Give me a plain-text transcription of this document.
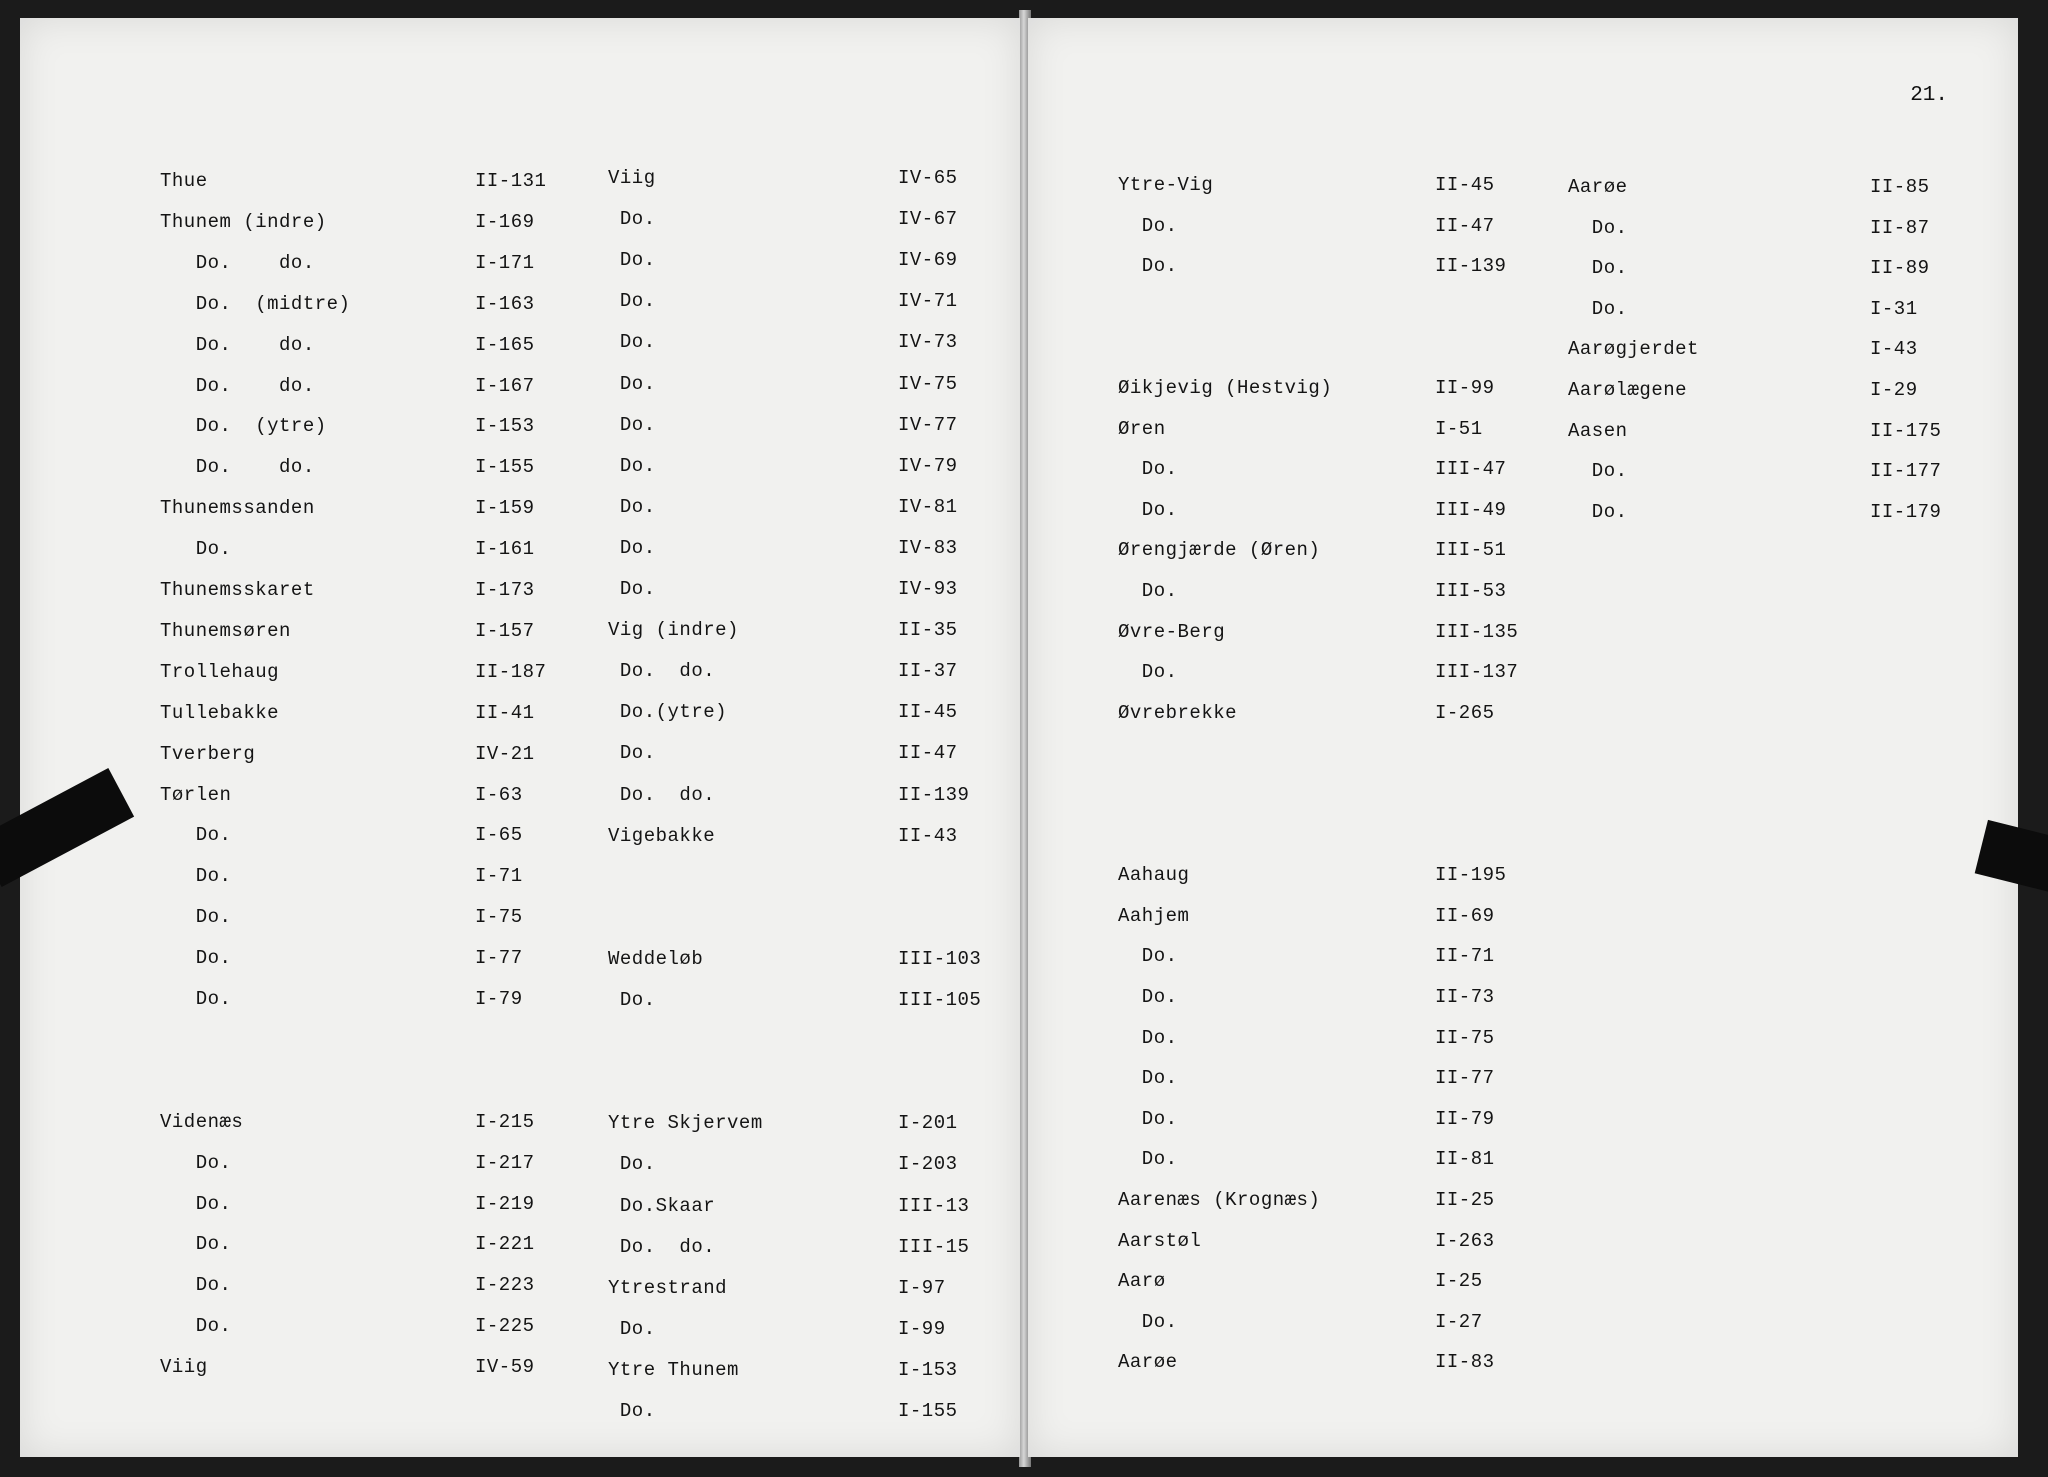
Thue	II-131
Thunem (indre)	I-169
Do.    do.	I-171
Do.  (midtre)	I-163
Do.    do.	I-165
Do.    do.	I-167
Do.  (ytre)	I-153
Do.    do.	I-155
Thunemssanden	I-159
Do.	I-161
Thunemsskaret	I-173
Thunemsøren	I-157
Trollehaug	II-187
Tullebakke	II-41
Tverberg	IV-21
Tørlen	I-63
Do.	I-65
Do.	I-71
Do.	I-75
Do.	I-77
Do.	I-79
Videnæs	I-215
Do.	I-217
Do.	I-219
Do.	I-221
Do.	I-223
Do.	I-225
Viig	IV-59
Viig	IV-65
Do.	IV-67
Do.	IV-69
Do.	IV-71
Do.	IV-73
Do.	IV-75
Do.	IV-77
Do.	IV-79
Do.	IV-81
Do.	IV-83
Do.	IV-93
Vig (indre)	II-35
Do.  do.	II-37
Do.(ytre)	II-45
Do.	II-47
Do.  do.	II-139
Vigebakke	II-43
Weddeløb	III-103
Do.	III-105
Ytre Skjervem	I-201
Do.	I-203
Do.Skaar	III-13
Do.  do.	III-15
Ytrestrand	I-97
Do.	I-99
Ytre Thunem	I-153
Do.	I-155
21.
Ytre-Vig	II-45
Do.	II-47
Do.	II-139
Øikjevig (Hestvig)	II-99
Øren	I-51
Do.	III-47
Do.	III-49
Ørengjærde (Øren)	III-51
Do.	III-53
Øvre-Berg	III-135
Do.	III-137
Øvrebrekke	I-265
Aahaug	II-195
Aahjem	II-69
Do.	II-71
Do.	II-73
Do.	II-75
Do.	II-77
Do.	II-79
Do.	II-81
Aarenæs (Krognæs)	II-25
Aarstøl	I-263
Aarø	I-25
Do.	I-27
Aarøe	II-83
Aarøe	II-85
Do.	II-87
Do.	II-89
Do.	I-31
Aarøgjerdet	I-43
Aarølægene	I-29
Aasen	II-175
Do.	II-177
Do.	II-179
